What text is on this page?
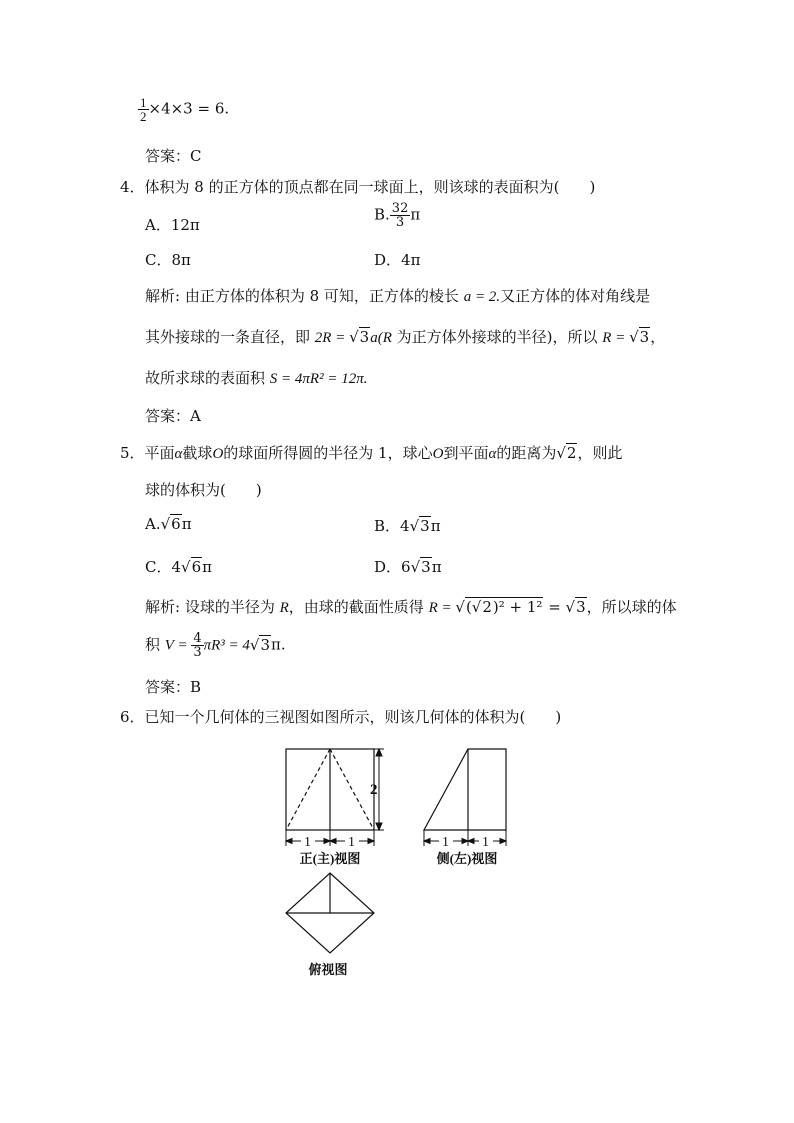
$\frac{1}{2} \times 4\times 3 = 6$.
答案：C
4．体积为 8 的正方体的顶点都在同一球面上，则该球的表面积为(　　)
A．12π
B. $\frac{32}{3}$ π
C．8π	D．4π
解析: 由正方体的体积为 8 可知，正方体的棱长 a = 2.又正方体的体对角线是
其外接球的一条直径，即 2R = √3a(R 为正方体外接球的半径)，所以 R = √3，
故所求球的表面积 S = 4πR² = 12π.
答案：A
5．平面α截球O的球面所得圆的半径为 1，球心O到平面α的距离为√2，则此
球的体积为(　　)
A.√6π	B．4√3π
C．4√6π	D．6√3π
解析: 设球的半径为 R，由球的截面性质得 R = √(√2)² + 1² = √3，所以球的体
积 $V = \frac{4}{3} \pi R^3 = 4√3\pi$.
答案：B
6．已知一个几何体的三视图如图所示，则该几何体的体积为(　　)
2
1	1
正(主)视图
1 1
侧(左)视图
俯视图
